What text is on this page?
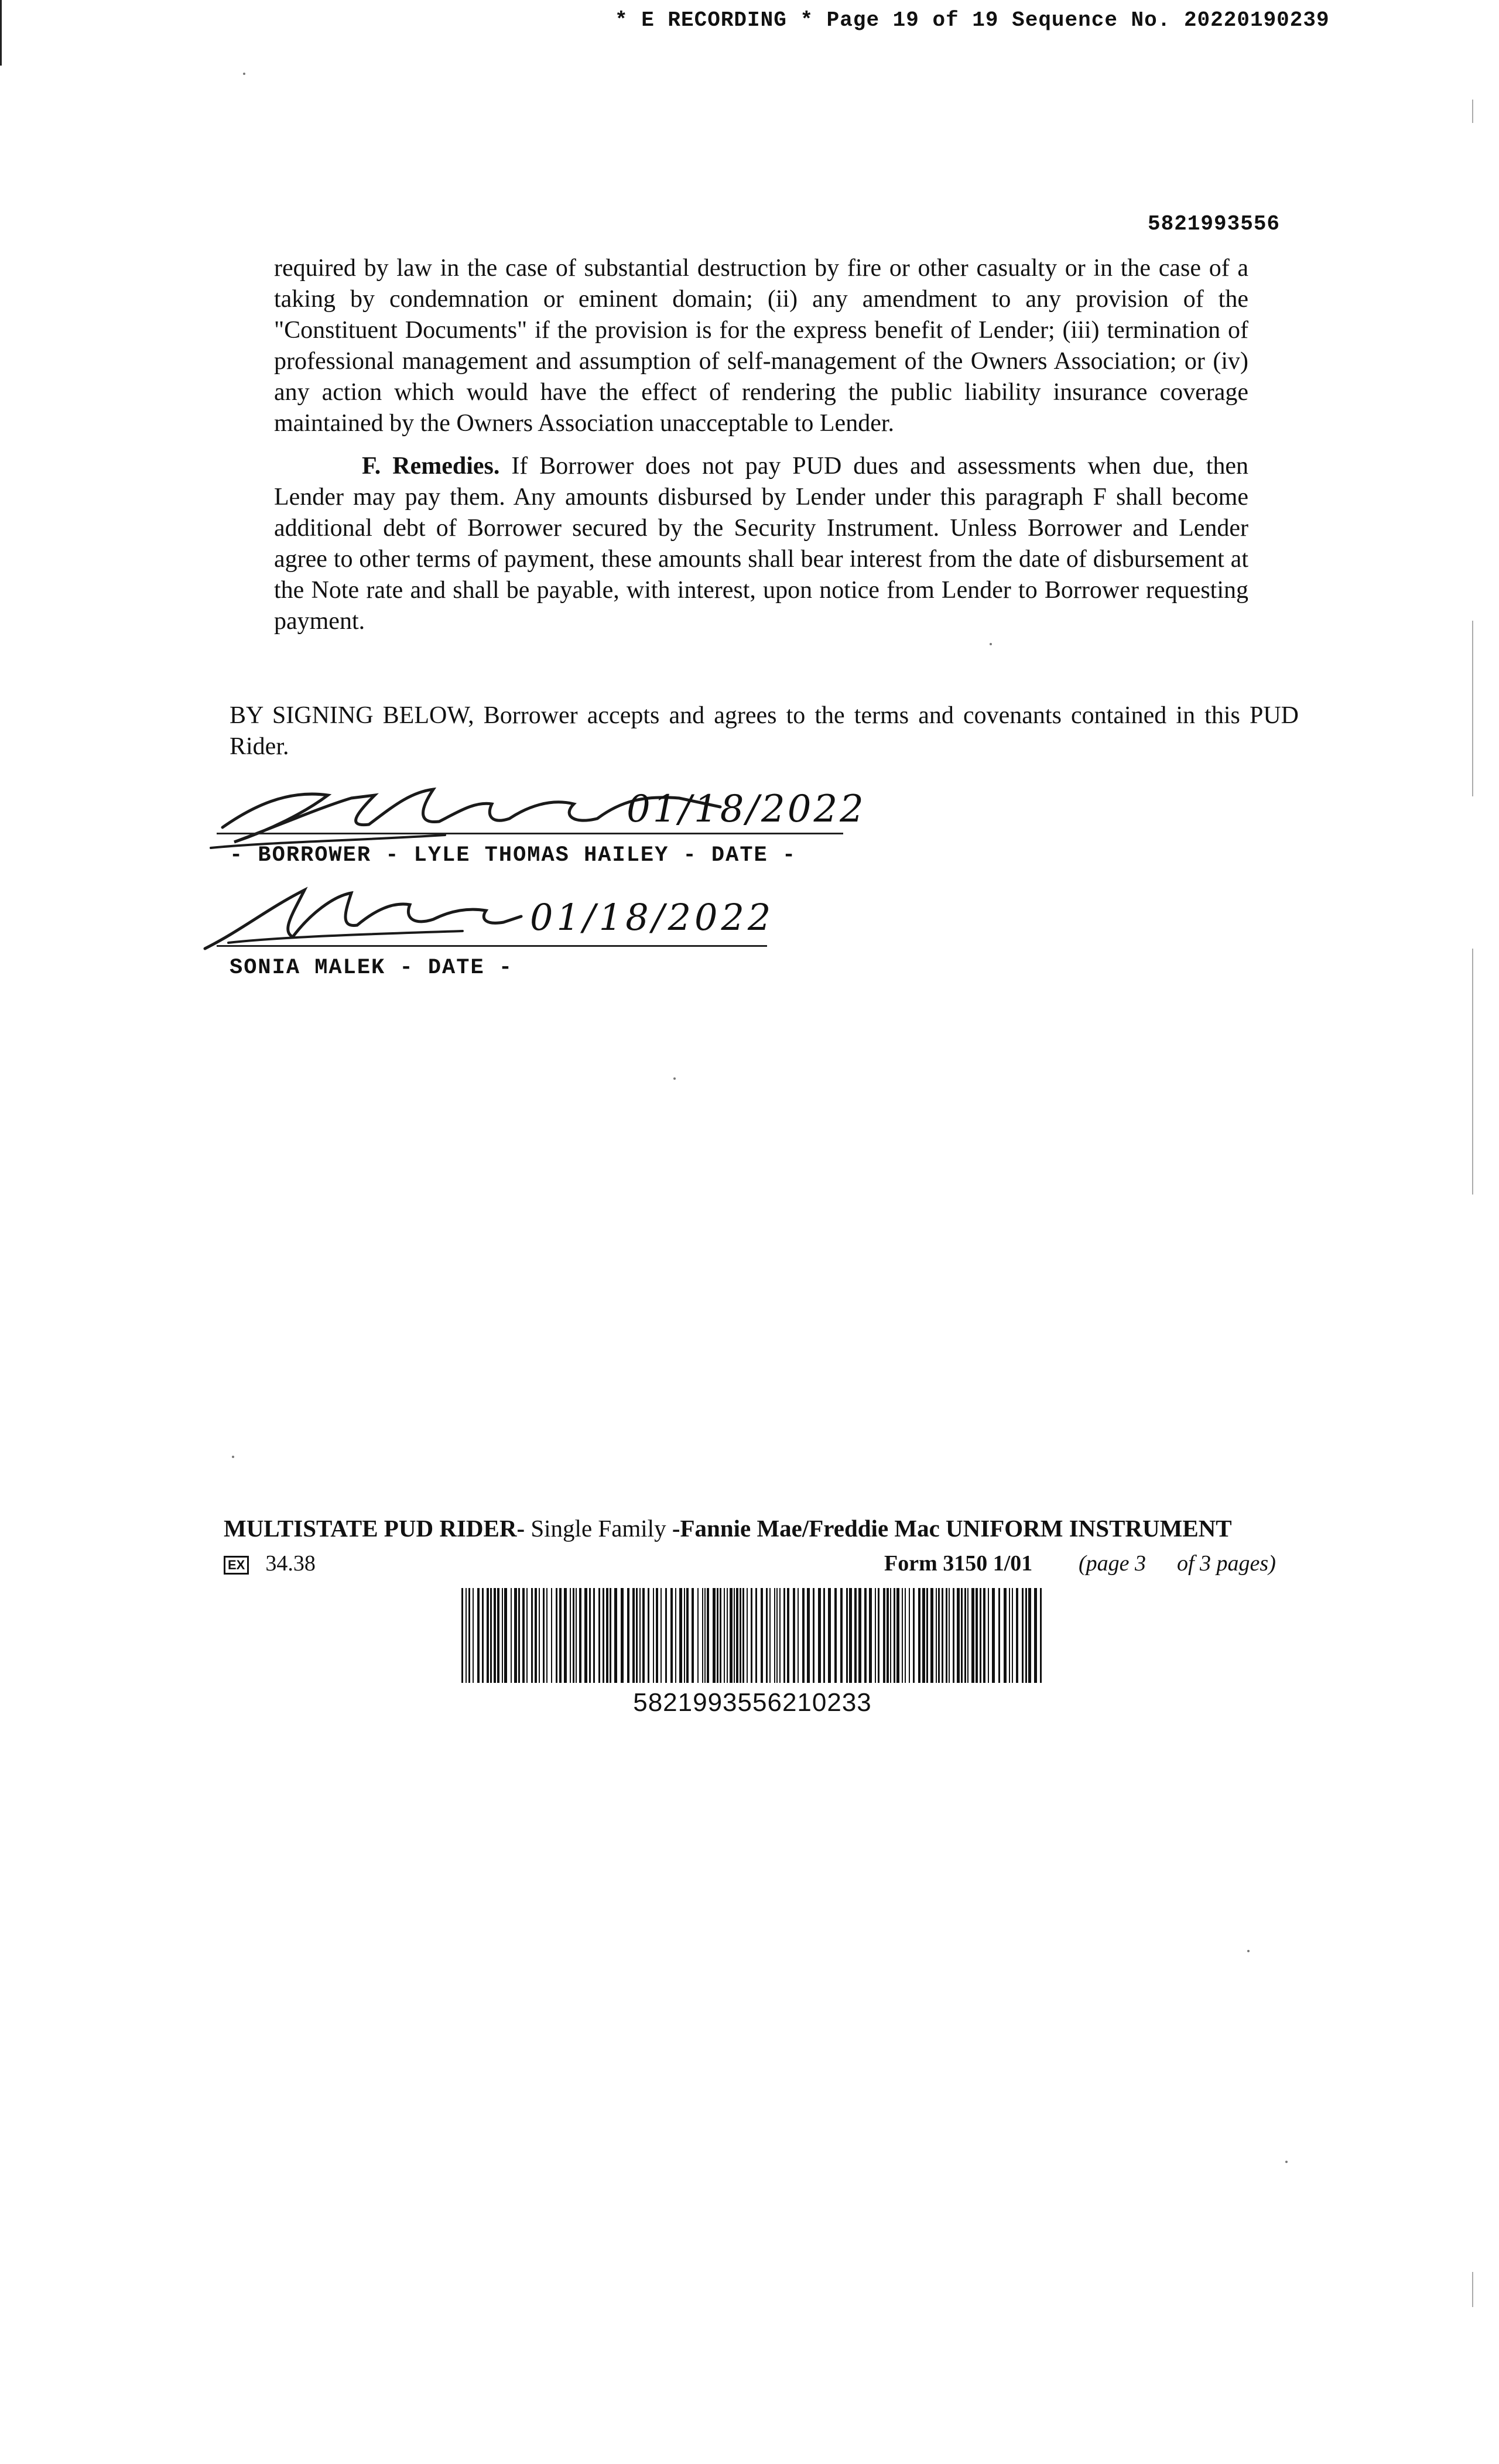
* E RECORDING * Page 19 of 19 Sequence No. 20220190239
5821993556
required by law in the case of substantial destruction by fire or other casualty or in the case of a taking by condemnation or eminent domain; (ii) any amendment to any provision of the "Constituent Documents" if the provision is for the express benefit of Lender; (iii) termination of professional management and assumption of self-management of the Owners Association; or (iv) any action which would have the effect of rendering the public liability insurance coverage maintained by the Owners Association unacceptable to Lender.
F. Remedies. If Borrower does not pay PUD dues and assessments when due, then Lender may pay them. Any amounts disbursed by Lender under this paragraph F shall become additional debt of Borrower secured by the Security Instrument. Unless Borrower and Lender agree to other terms of payment, these amounts shall bear interest from the date of disbursement at the Note rate and shall be payable, with interest, upon notice from Lender to Borrower requesting payment.
BY SIGNING BELOW, Borrower accepts and agrees to the terms and covenants contained in this PUD Rider.
01/18/2022
- BORROWER - LYLE THOMAS HAILEY - DATE -
01/18/2022
SONIA MALEK - DATE -
MULTISTATE PUD RIDER- Single Family -Fannie Mae/Freddie Mac UNIFORM INSTRUMENT
EX 34.38	Form 3150 1/01 (page 3 of 3 pages)
5821993556210233
